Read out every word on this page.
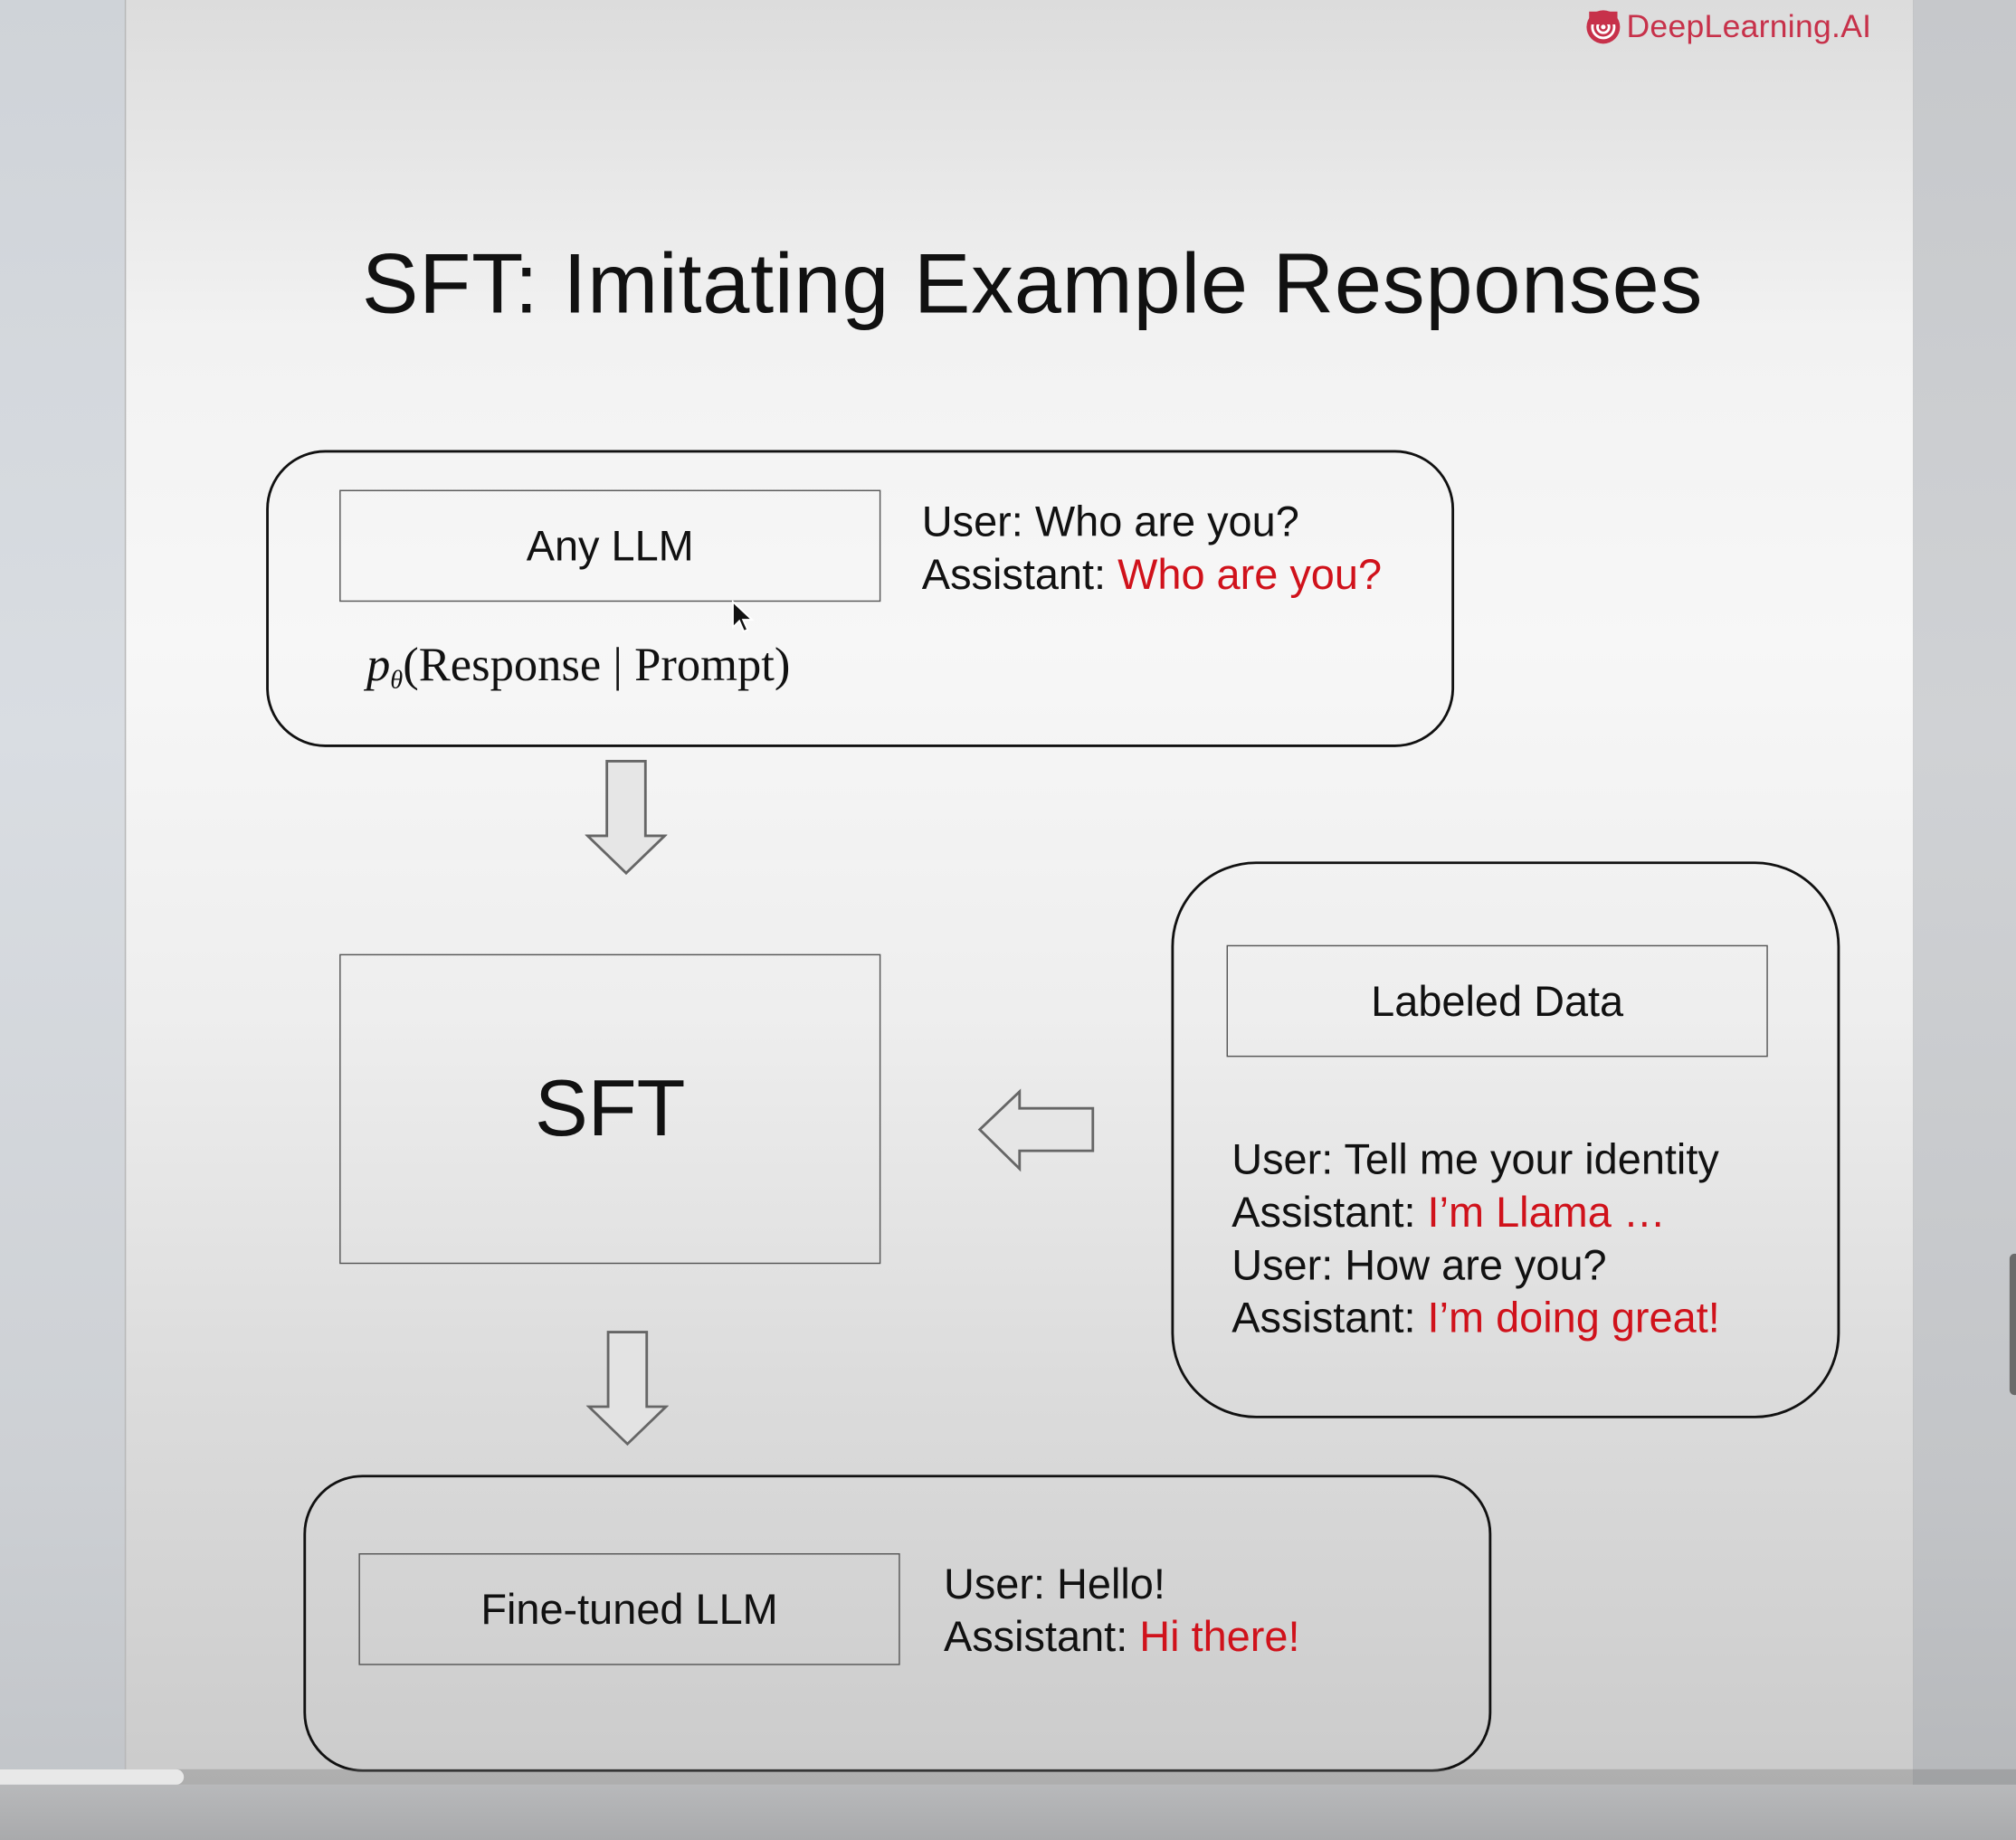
DeepLearning.AI
SFT: Imitating Example Responses
Any LLM
$p_\theta(Response$ | Prompt)
User: Who are you?
Assistant: Who are you?
SFT
Labeled Data
User: Tell me your identity
Assistant: I’m Llama …
User: How are you?
Assistant: I’m doing great!
Fine-tuned LLM
User: Hello!
Assistant: Hi there!
